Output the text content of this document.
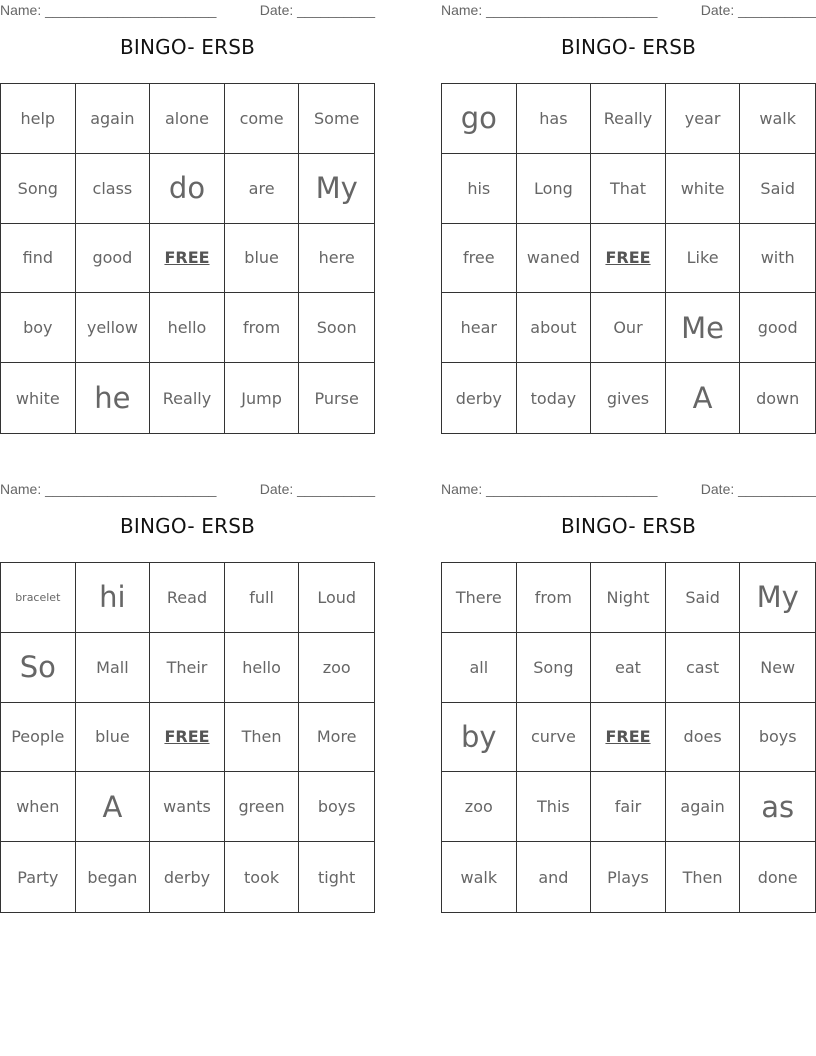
Name: ______________________	Date: __________
BINGO- ERSB
help	again	alone	come	Some
Song	class	do	are	My
find	good	FREE	blue	here
boy	yellow	hello	from	Soon
white	he	Really	Jump	Purse
Name: ______________________	Date: __________
BINGO- ERSB
go	has	Really	year	walk
his	Long	That	white	Said
free	waned	FREE	Like	with
hear	about	Our	Me	good
derby	today	gives	A	down
Name: ______________________	Date: __________
BINGO- ERSB
bracelet	hi	Read	full	Loud
So	Mall	Their	hello	zoo
People	blue	FREE	Then	More
when	A	wants	green	boys
Party	began	derby	took	tight
Name: ______________________	Date: __________
BINGO- ERSB
There	from	Night	Said	My
all	Song	eat	cast	New
by	curve	FREE	does	boys
zoo	This	fair	again	as
walk	and	Plays	Then	done
